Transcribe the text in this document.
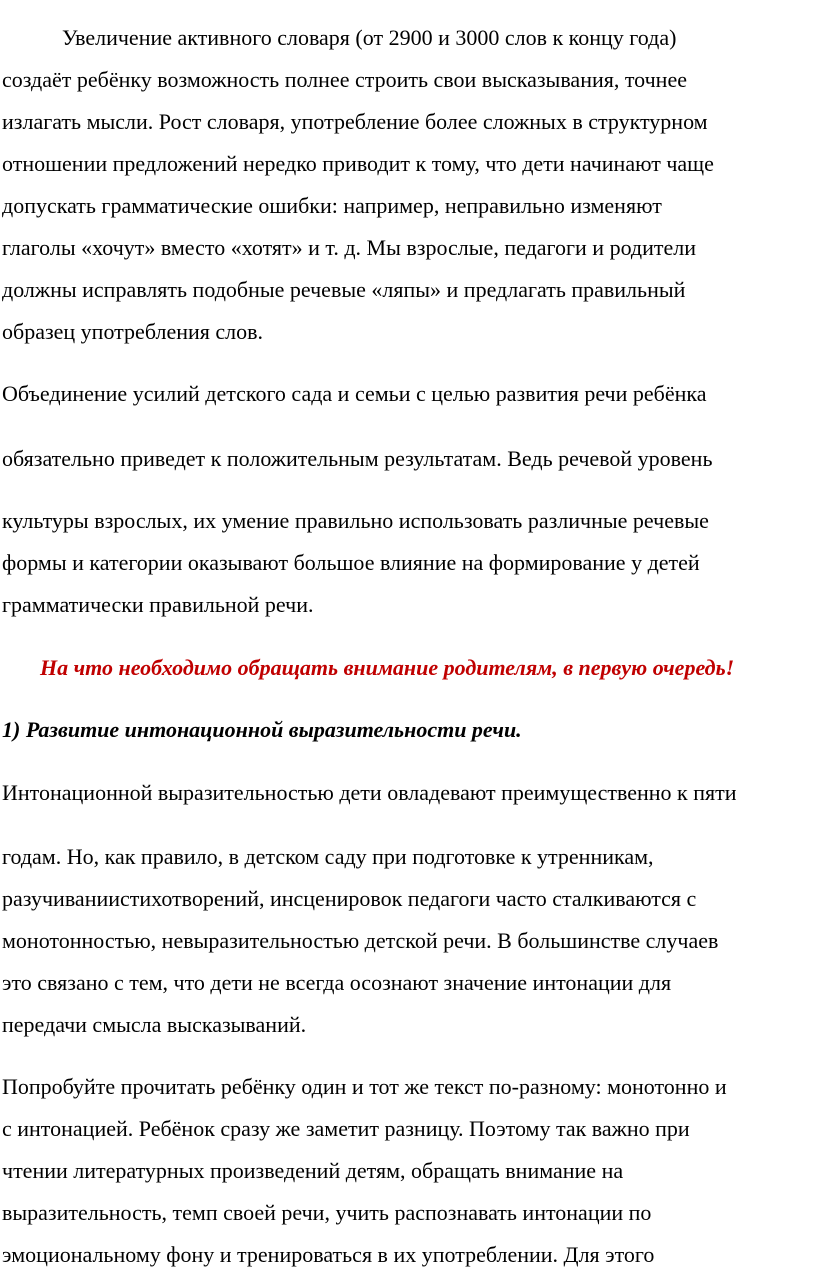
Увеличение активного словаря (от 2900 и 3000 слов к концу года)
создаёт ребёнку возможность полнее строить свои высказывания, точнее
излагать мысли. Рост словаря, употребление более сложных в структурном
отношении предложений нередко приводит к тому, что дети начинают чаще
допускать грамматические ошибки: например, неправильно изменяют
глаголы «хочут» вместо «хотят» и т. д. Мы взрослые, педагоги и родители
должны исправлять подобные речевые «ляпы» и предлагать правильный
образец употребления слов.
Объединение усилий детского сада и семьи с целью развития речи ребёнка
обязательно приведет к положительным результатам. Ведь речевой уровень
культуры взрослых, их умение правильно использовать различные речевые
формы и категории оказывают большое влияние на формирование у детей
грамматически правильной речи.
На что необходимо обращать внимание родителям, в первую очередь!
1) Развитие интонационной выразительности речи.
Интонационной выразительностью дети овладевают преимущественно к пяти
годам. Но, как правило, в детском саду при подготовке к утренникам,
разучиваниистихотворений, инсценировок педагоги часто сталкиваются с
монотонностью, невыразительностью детской речи. В большинстве случаев
это связано с тем, что дети не всегда осознают значение интонации для
передачи смысла высказываний.
Попробуйте прочитать ребёнку один и тот же текст по-разному: монотонно и
с интонацией. Ребёнок сразу же заметит разницу. Поэтому так важно при
чтении литературных произведений детям, обращать внимание на
выразительность, темп своей речи, учить распознавать интонации по
эмоциональному фону и тренироваться в их употреблении. Для этого
